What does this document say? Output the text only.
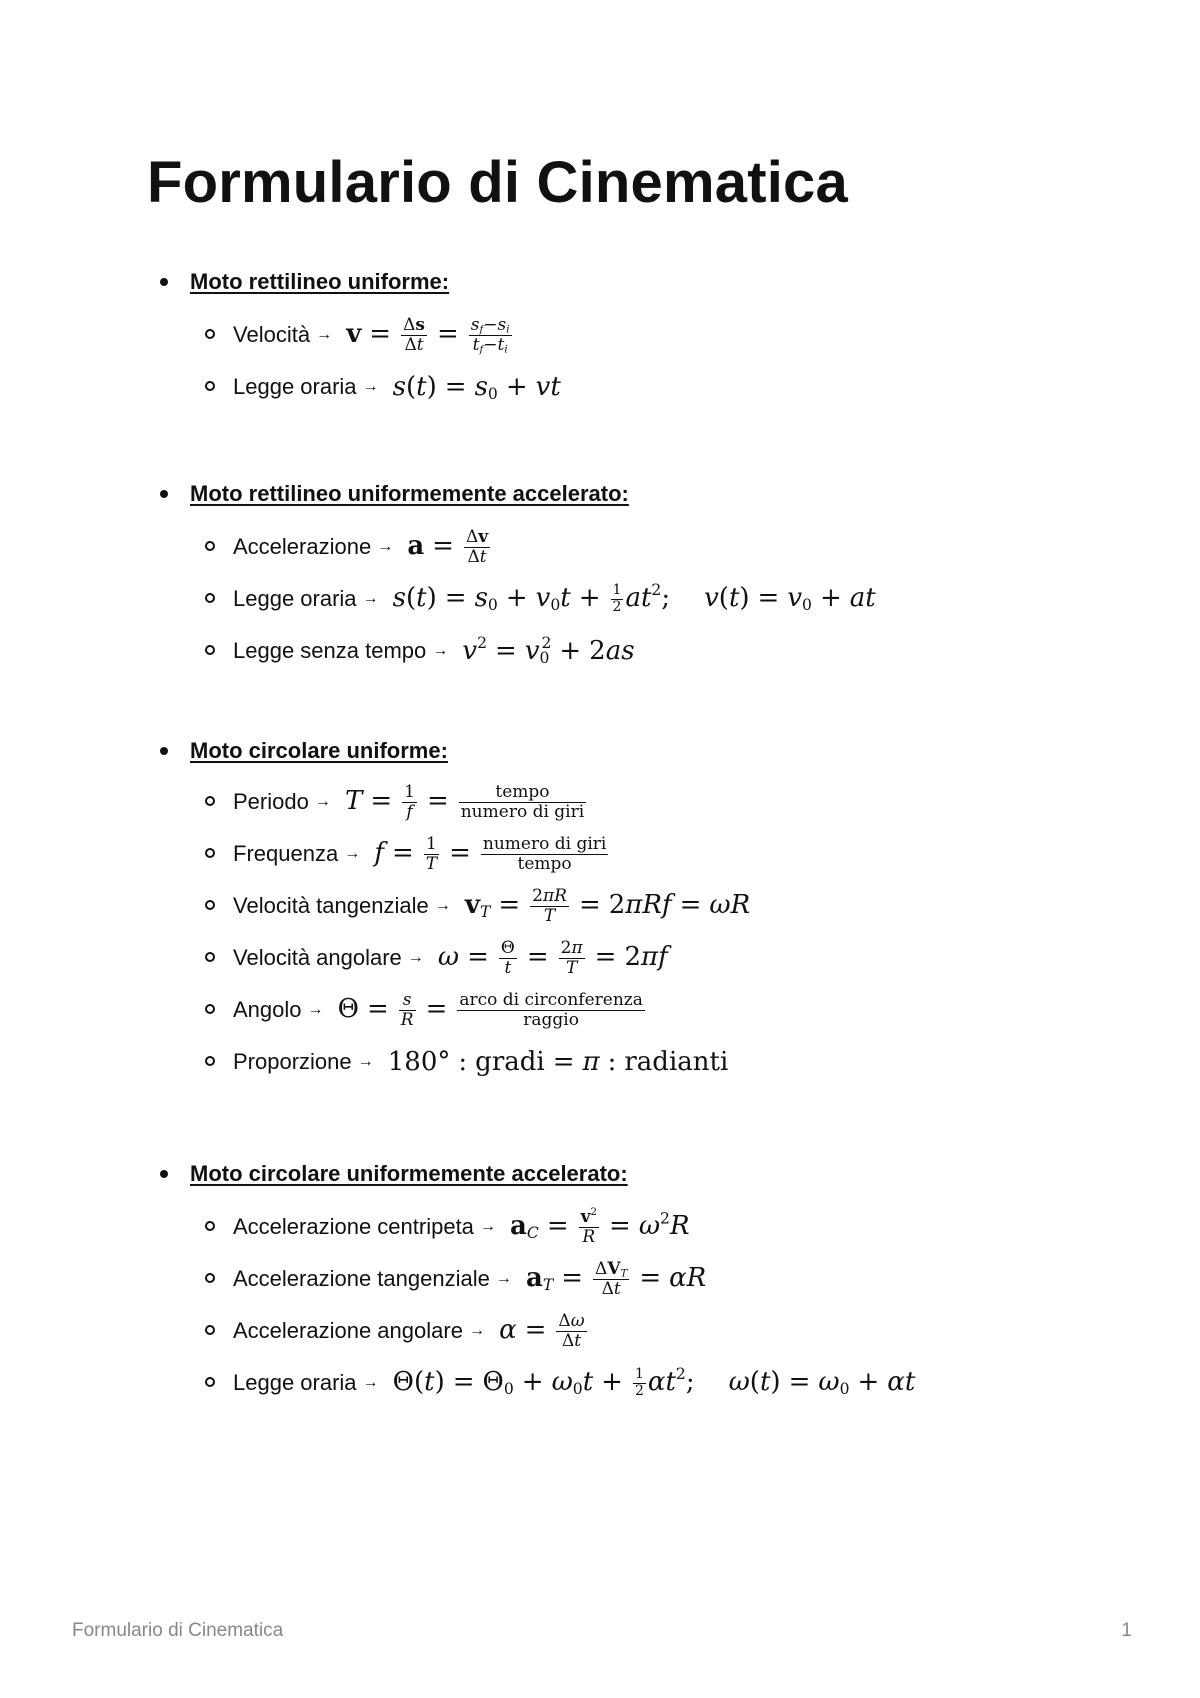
Formulario di Cinematica
Moto rettilineo uniforme:
Velocità → $v = \frac{\Delta s}{\Delta t} = \frac{s_f-s_i}{t_f-t_i}$
Legge oraria → $s(t) = s_0$ + vt
Moto rettilineo uniformemente accelerato:
Accelerazione → $a = \frac{\Delta v}{\Delta t}$
Legge oraria → $s(t) = s_0 + v_0t + \frac{1}{2} at^2$; $v(t) = v_0$ + at
Legge senza tempo → $v^2 = v_0^2 + 2as$
Moto circolare uniforme:
Periodo → $T = \frac{1}{f} = \frac{\text{tempo}}{\text{numero di giri}}$
Frequenza → $f = \frac{1}{T} = \frac{\text{numero di giri}}{\text{tempo}}$
Velocità tangenziale → $v_T = \frac{2\pi R}{T} = 2\pi Rf = \omega R$
Velocità angolare → $\omega = \frac{\Theta}{t} = \frac{2\pi}{T} = 2\pi f$
Angolo → $\Theta = \frac{s}{R} = \frac{\text{arco di circonferenza}}{\text{raggio}}$
Proporzione → 180° : gradi = π : radianti
Moto circolare uniformemente accelerato:
Accelerazione centripeta → $a_C = \frac{v^2}{R} = \omega^2R$
Accelerazione tangenziale → $a_T = \frac{\Delta V_T}{\Delta t} = \alpha R$
Accelerazione angolare → $\alpha = \frac{\Delta\omega}{\Delta t}$
Legge oraria → $\Theta(t) = \Theta_0 + \omega_0t + \frac{1}{2} \alpha t^2$; $\omega(t) = \omega_0 + \alpha t$
Formulario di Cinematica	1
